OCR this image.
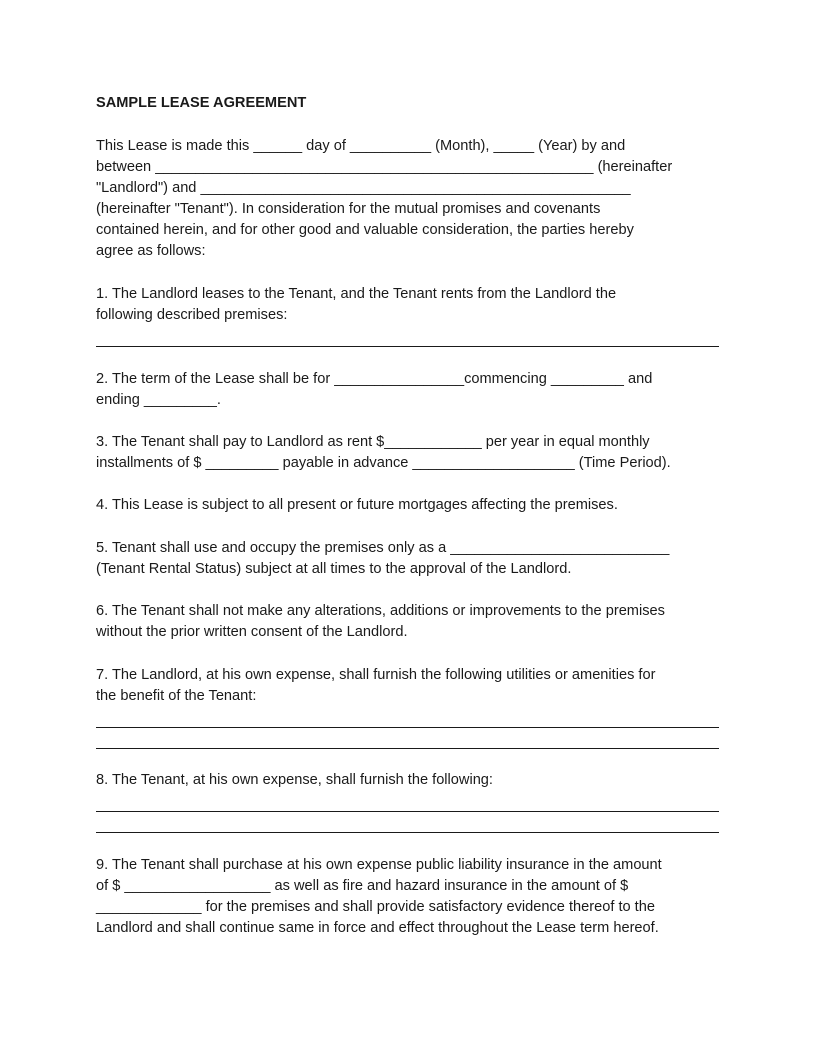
SAMPLE LEASE AGREEMENT
This Lease is made this ______ day of __________ (Month), _____ (Year) by and
between ______________________________________________________ (hereinafter
"Landlord") and _____________________________________________________
(hereinafter "Tenant"). In consideration for the mutual promises and covenants
contained herein, and for other good and valuable consideration, the parties hereby
agree as follows:
1. The Landlord leases to the Tenant, and the Tenant rents from the Landlord the
following described premises:
2. The term of the Lease shall be for ________________commencing _________ and
ending _________.
3. The Tenant shall pay to Landlord as rent $____________ per year in equal monthly
installments of $ _________ payable in advance ____________________ (Time Period).
4. This Lease is subject to all present or future mortgages affecting the premises.
5. Tenant shall use and occupy the premises only as a ___________________________
(Tenant Rental Status) subject at all times to the approval of the Landlord.
6. The Tenant shall not make any alterations, additions or improvements to the premises
without the prior written consent of the Landlord.
7. The Landlord, at his own expense, shall furnish the following utilities or amenities for
the benefit of the Tenant:
8. The Tenant, at his own expense, shall furnish the following:
9. The Tenant shall purchase at his own expense public liability insurance in the amount
of $ __________________ as well as fire and hazard insurance in the amount of $
_____________ for the premises and shall provide satisfactory evidence thereof to the
Landlord and shall continue same in force and effect throughout the Lease term hereof.
